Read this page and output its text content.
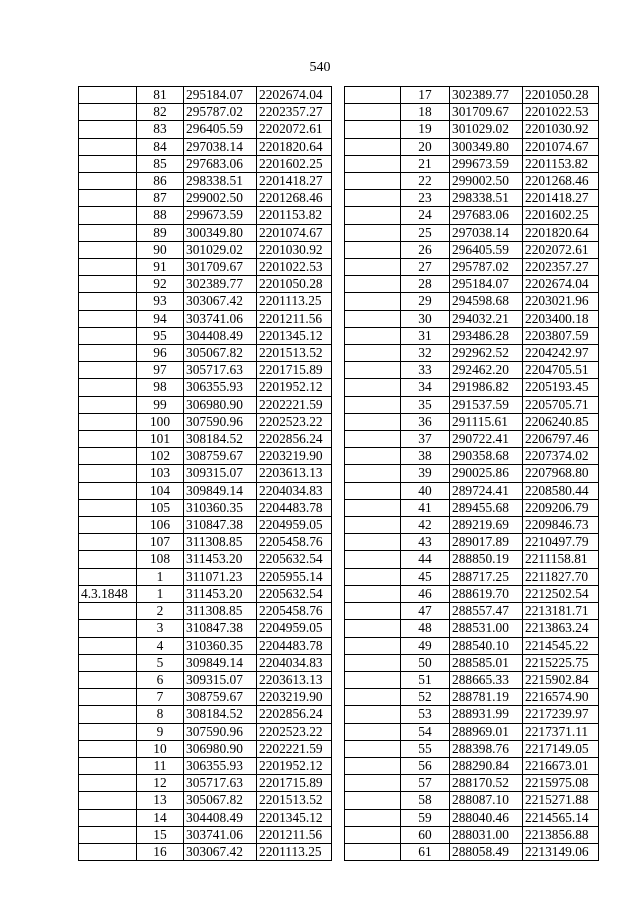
540
	81	295184.07	2202674.04
	82	295787.02	2202357.27
	83	296405.59	2202072.61
	84	297038.14	2201820.64
	85	297683.06	2201602.25
	86	298338.51	2201418.27
	87	299002.50	2201268.46
	88	299673.59	2201153.82
	89	300349.80	2201074.67
	90	301029.02	2201030.92
	91	301709.67	2201022.53
	92	302389.77	2201050.28
	93	303067.42	2201113.25
	94	303741.06	2201211.56
	95	304408.49	2201345.12
	96	305067.82	2201513.52
	97	305717.63	2201715.89
	98	306355.93	2201952.12
	99	306980.90	2202221.59
	100	307590.96	2202523.22
	101	308184.52	2202856.24
	102	308759.67	2203219.90
	103	309315.07	2203613.13
	104	309849.14	2204034.83
	105	310360.35	2204483.78
	106	310847.38	2204959.05
	107	311308.85	2205458.76
	108	311453.20	2205632.54
	1	311071.23	2205955.14
4.3.1848	1	311453.20	2205632.54
	2	311308.85	2205458.76
	3	310847.38	2204959.05
	4	310360.35	2204483.78
	5	309849.14	2204034.83
	6	309315.07	2203613.13
	7	308759.67	2203219.90
	8	308184.52	2202856.24
	9	307590.96	2202523.22
	10	306980.90	2202221.59
	11	306355.93	2201952.12
	12	305717.63	2201715.89
	13	305067.82	2201513.52
	14	304408.49	2201345.12
	15	303741.06	2201211.56
	16	303067.42	2201113.25
	17	302389.77	2201050.28
	18	301709.67	2201022.53
	19	301029.02	2201030.92
	20	300349.80	2201074.67
	21	299673.59	2201153.82
	22	299002.50	2201268.46
	23	298338.51	2201418.27
	24	297683.06	2201602.25
	25	297038.14	2201820.64
	26	296405.59	2202072.61
	27	295787.02	2202357.27
	28	295184.07	2202674.04
	29	294598.68	2203021.96
	30	294032.21	2203400.18
	31	293486.28	2203807.59
	32	292962.52	2204242.97
	33	292462.20	2204705.51
	34	291986.82	2205193.45
	35	291537.59	2205705.71
	36	291115.61	2206240.85
	37	290722.41	2206797.46
	38	290358.68	2207374.02
	39	290025.86	2207968.80
	40	289724.41	2208580.44
	41	289455.68	2209206.79
	42	289219.69	2209846.73
	43	289017.89	2210497.79
	44	288850.19	2211158.81
	45	288717.25	2211827.70
	46	288619.70	2212502.54
	47	288557.47	2213181.71
	48	288531.00	2213863.24
	49	288540.10	2214545.22
	50	288585.01	2215225.75
	51	288665.33	2215902.84
	52	288781.19	2216574.90
	53	288931.99	2217239.97
	54	288969.01	2217371.11
	55	288398.76	2217149.05
	56	288290.84	2216673.01
	57	288170.52	2215975.08
	58	288087.10	2215271.88
	59	288040.46	2214565.14
	60	288031.00	2213856.88
	61	288058.49	2213149.06
